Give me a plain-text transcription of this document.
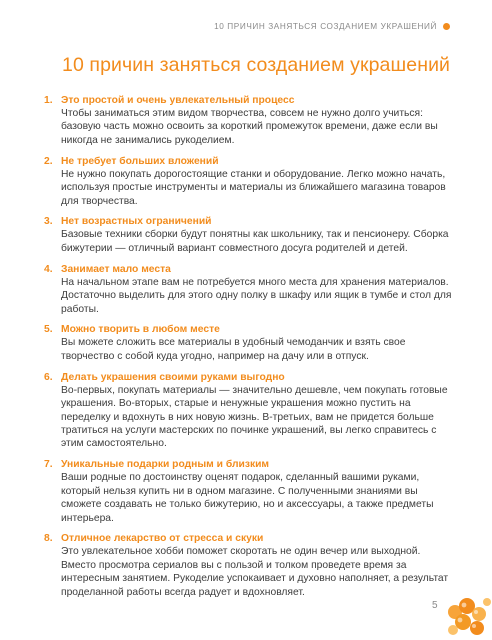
10 ПРИЧИН ЗАНЯТЬСЯ СОЗДАНИЕМ УКРАШЕНИЙ
10 причин заняться созданием украшений
1. Это простой и очень увлекательный процесс
Чтобы заниматься этим видом творчества, совсем не нужно долго учиться: базовую часть можно освоить за короткий промежуток времени, даже если вы никогда не занимались рукоделием.
2. Не требует больших вложений
Не нужно покупать дорогостоящие станки и оборудование. Легко можно начать, используя простые инструменты и материалы из ближайшего магазина товаров для творчества.
3. Нет возрастных ограничений
Базовые техники сборки будут понятны как школьнику, так и пенсионеру. Сборка бижутерии — отличный вариант совместного досуга родителей и детей.
4. Занимает мало места
На начальном этапе вам не потребуется много места для хранения материалов. Достаточно выделить для этого одну полку в шкафу или ящик в тумбе и стол для работы.
5. Можно творить в любом месте
Вы можете сложить все материалы в удобный чемоданчик и взять свое творчество с собой куда угодно, например на дачу или в отпуск.
6. Делать украшения своими руками выгодно
Во-первых, покупать материалы — значительно дешевле, чем покупать готовые украшения. Во-вторых, старые и ненужные украшения можно пустить на переделку и вдохнуть в них новую жизнь. В-третьих, вам не придется больше тратиться на услуги мастерских по починке украшений, вы легко справитесь с этим самостоятельно.
7. Уникальные подарки родным и близким
Ваши родные по достоинству оценят подарок, сделанный вашими руками, который нельзя купить ни в одном магазине. С полученными знаниями вы сможете создавать не только бижутерию, но и аксессуары, а также предметы интерьера.
8. Отличное лекарство от стресса и скуки
Это увлекательное хобби поможет скоротать не один вечер или выходной. Вместо просмотра сериалов вы с пользой и толком проведете время за интересным занятием. Рукоделие успокаивает и духовно наполняет, а результат проделанной работы всегда радует и вдохновляет.
5
